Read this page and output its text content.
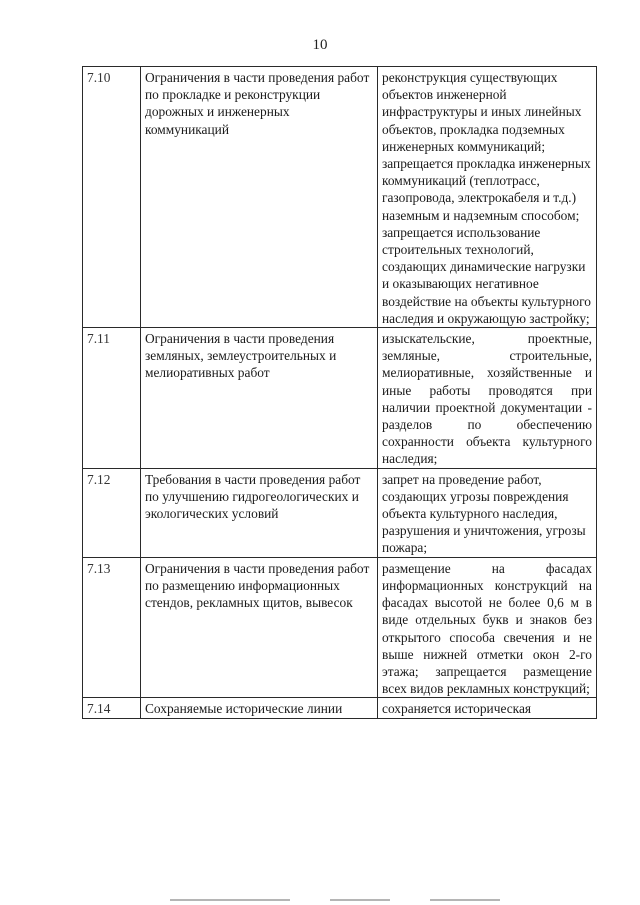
10
7.10	Ограничения в части проведения работ по прокладке и реконструкции дорожных и инженерных коммуникаций	реконструкция существующих объектов инженерной инфраструктуры и иных линейных объектов, прокладка подземных инженерных коммуникаций; запрещается прокладка инженерных коммуникаций (теплотрасс, газопровода, электрокабеля и т.д.) наземным и надземным способом; запрещается использование строительных технологий, создающих динамические нагрузки и оказывающих негативное воздействие на объекты культурного наследия и окружающую застройку;
7.11	Ограничения в части проведения земляных, землеустроительных и мелиоративных работ	изыскательские, проектные, земляные, строительные, мелиоративные, хозяйственные и иные работы проводятся при наличии проектной документации - разделов по обеспечению сохранности объекта культурного наследия;
7.12	Требования в части проведения работ по улучшению гидрогеологических и экологических условий	запрет на проведение работ, создающих угрозы повреждения объекта культурного наследия, разрушения и уничтожения, угрозы пожара;
7.13	Ограничения в части проведения работ по размещению информационных стендов, рекламных щитов, вывесок	размещение на фасадах информационных конструкций на фасадах высотой не более 0,6 м в виде отдельных букв и знаков без открытого способа свечения и не выше нижней отметки окон 2-го этажа; запрещается размещение всех видов рекламных конструкций;
7.14	Сохраняемые исторические линии	сохраняется историческая
